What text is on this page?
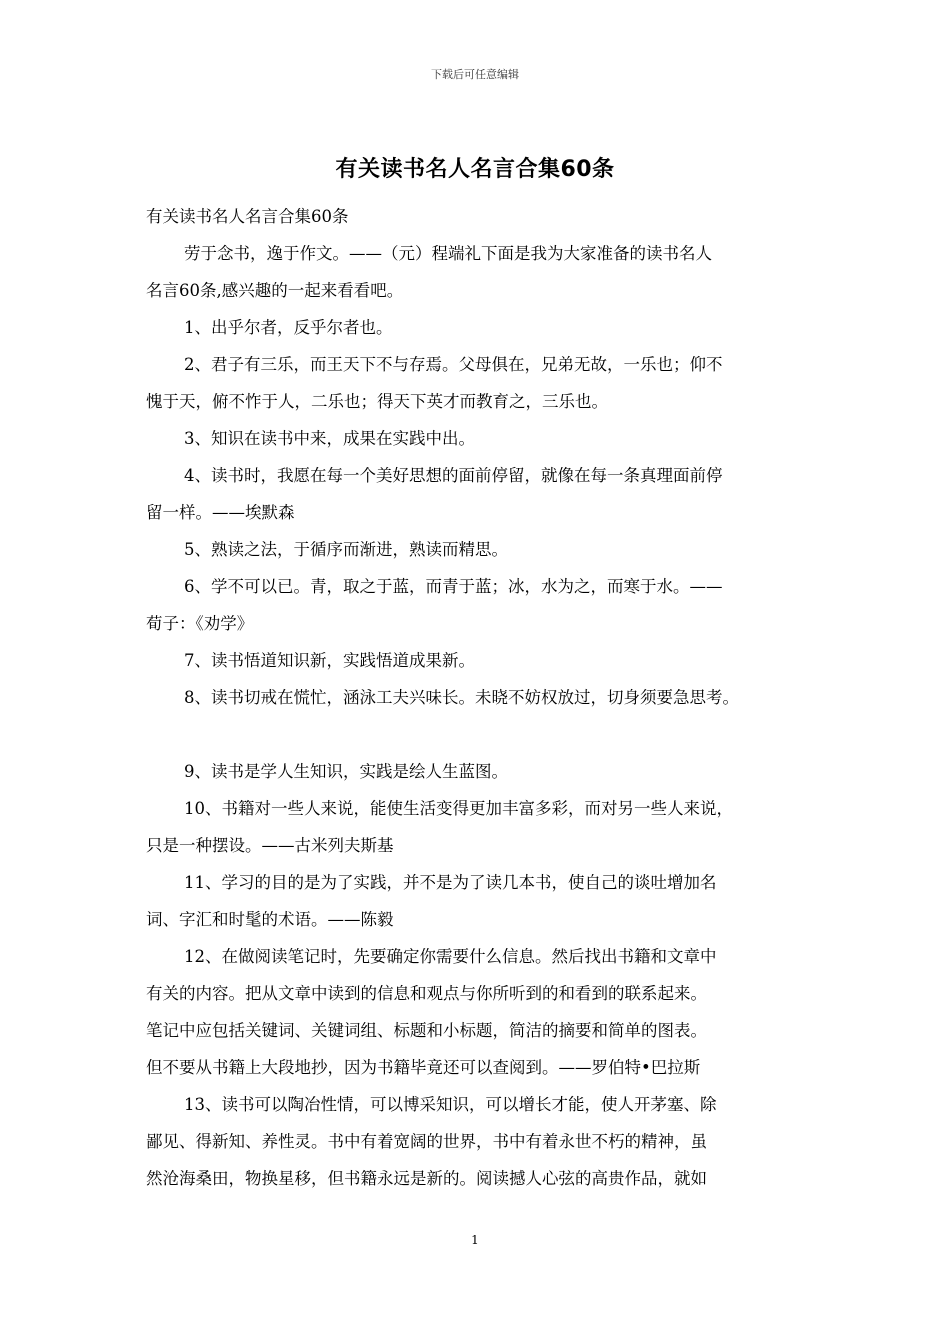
下载后可任意编辑
有关读书名人名言合集60条
有关读书名人名言合集60条
劳于念书，逸于作文。——（元）程端礼下面是我为大家准备的读书名人
名言60条,感兴趣的一起来看看吧。
1、出乎尔者，反乎尔者也。
2、君子有三乐，而王天下不与存焉。父母俱在，兄弟无故，一乐也；仰不
愧于天，俯不怍于人，二乐也；得天下英才而教育之，三乐也。
3、知识在读书中来，成果在实践中出。
4、读书时，我愿在每一个美好思想的面前停留，就像在每一条真理面前停
留一样。——埃默森
5、熟读之法，于循序而渐进，熟读而精思。
6、学不可以已。青，取之于蓝，而青于蓝；冰，水为之，而寒于水。——
荀子：《劝学》
7、读书悟道知识新，实践悟道成果新。
8、读书切戒在慌忙，涵泳工夫兴味长。未晓不妨权放过，切身须要急思考。
9、读书是学人生知识，实践是绘人生蓝图。
10、书籍对一些人来说，能使生活变得更加丰富多彩，而对另一些人来说，
只是一种摆设。——古米列夫斯基
11、学习的目的是为了实践，并不是为了读几本书，使自己的谈吐增加名
词、字汇和时髦的术语。——陈毅
12、在做阅读笔记时，先要确定你需要什么信息。然后找出书籍和文章中
有关的内容。把从文章中读到的信息和观点与你所听到的和看到的联系起来。
笔记中应包括关键词、关键词组、标题和小标题，简洁的摘要和简单的图表。
但不要从书籍上大段地抄，因为书籍毕竟还可以查阅到。——罗伯特•巴拉斯
13、读书可以陶冶性情，可以博采知识，可以增长才能，使人开茅塞、除
鄙见、得新知、养性灵。书中有着宽阔的世界，书中有着永世不朽的精神，虽
然沧海桑田，物换星移，但书籍永远是新的。阅读撼人心弦的高贵作品，就如
1
